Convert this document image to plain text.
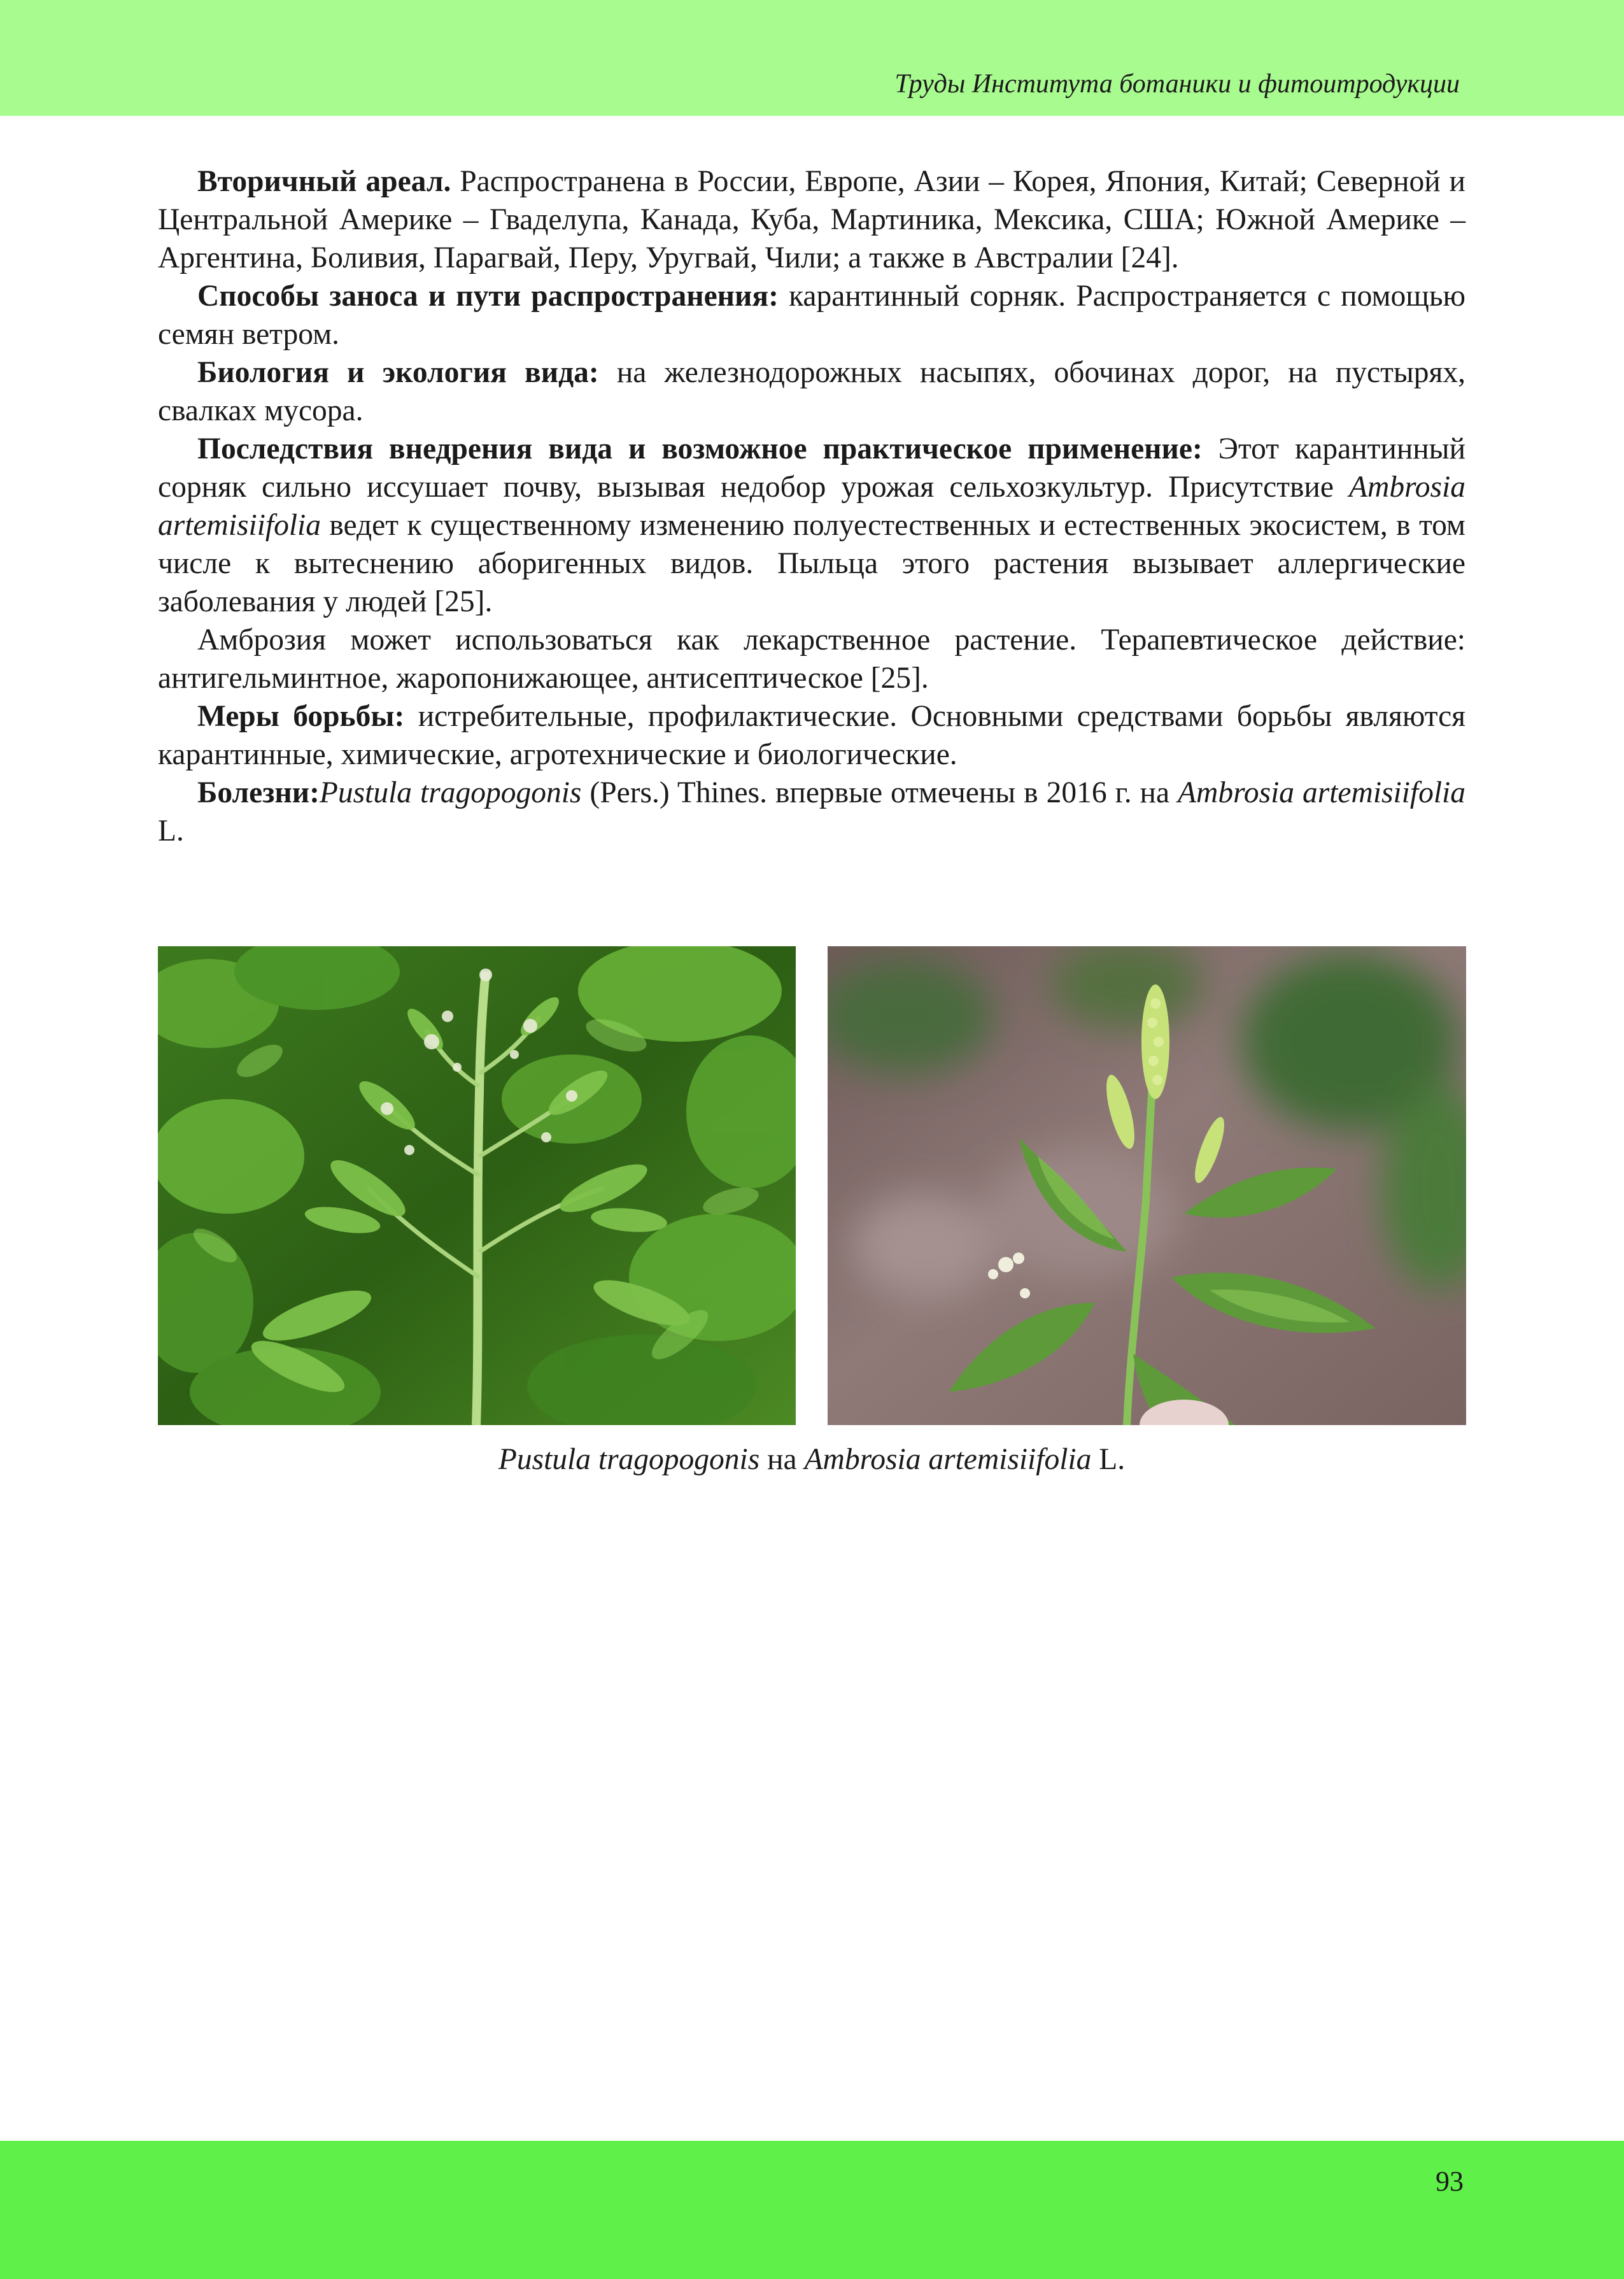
Труды Института ботаники и фитоитродукции

Вторичный ареал. Распространена в России, Европе, Азии – Корея, Япония, Китай; Северной и Центральной Америке – Гваделупа, Канада, Куба, Мартиника, Мексика, США; Южной Америке – Аргентина, Боливия, Парагвай, Перу, Уругвай, Чили; а также в Австралии [24].

Способы заноса и пути распространения: карантинный сорняк. Распространяется с помощью семян ветром.

Биология и экология вида: на железнодорожных насыпях, обочинах дорог, на пустырях, свалках мусора.

Последствия внедрения вида и возможное практическое применение: Этот карантинный сорняк сильно иссушает почву, вызывая недобор урожая сельхозкультур. Присутствие Ambrosia artemisiifolia ведет к существенному изменению полуестественных и естественных экосистем, в том числе к вытеснению аборигенных видов. Пыльца этого растения вызывает аллергические заболевания у людей [25].

Амброзия может использоваться как лекарственное растение. Терапевтическое действие: антигельминтное, жаропонижающее, антисептическое [25].

Меры борьбы: истребительные, профилактические. Основными средствами борьбы являются карантинные, химические, агротехнические и биологические.

Болезни:Pustula tragopogonis (Pers.) Thines. впервые отмечены в 2016 г. на Ambrosia artemisiifolia L.

Pustula tragopogonis на Ambrosia artemisiifolia L.
93
